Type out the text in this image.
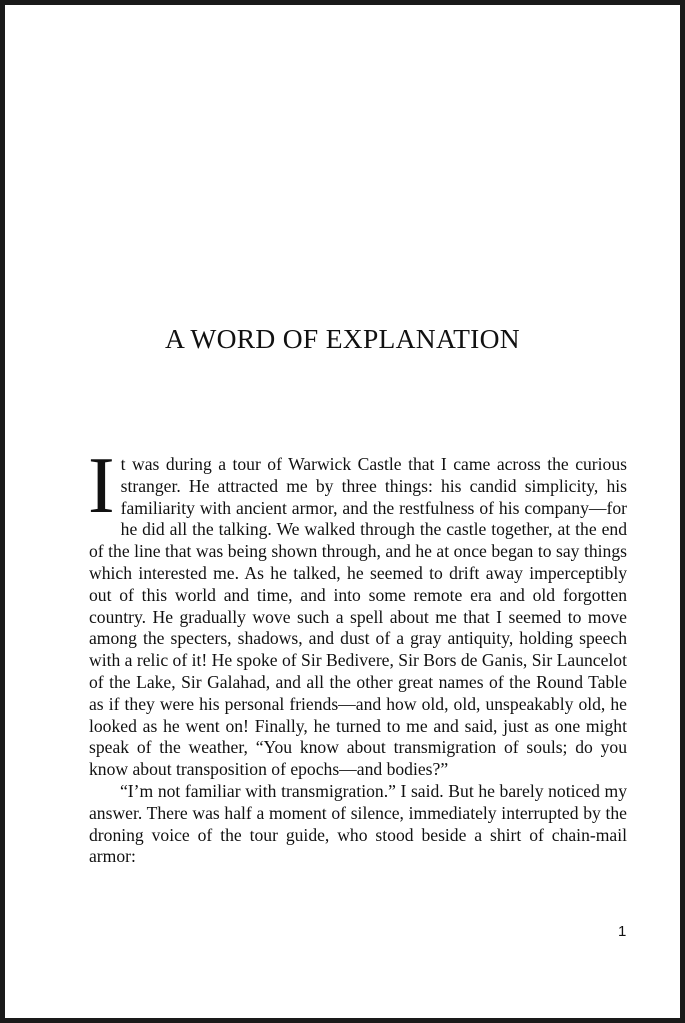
A WORD OF EXPLANATION

It was during a tour of Warwick Castle that I came across the curious stranger. He attracted me by three things: his candid simplicity, his familiarity with ancient armor, and the restfulness of his company—for he did all the talking. We walked through the castle together, at the end of the line that was being shown through, and he at once began to say things which interested me. As he talked, he seemed to drift away imperceptibly out of this world and time, and into some remote era and old forgotten country. He gradually wove such a spell about me that I seemed to move among the specters, shadows, and dust of a gray antiquity, holding speech with a relic of it! He spoke of Sir Bedivere, Sir Bors de Ganis, Sir Launcelot of the Lake, Sir Galahad, and all the other great names of the Round Table as if they were his personal friends—and how old, old, unspeakably old, he looked as he went on! Finally, he turned to me and said, just as one might speak of the weather, “You know about transmigration of souls; do you know about transposition of epochs—and bodies?”

“I’m not familiar with transmigration.” I said. But he barely noticed my answer. There was half a moment of silence, immediately interrupted by the droning voice of the tour guide, who stood beside a shirt of chain-mail armor:

1
